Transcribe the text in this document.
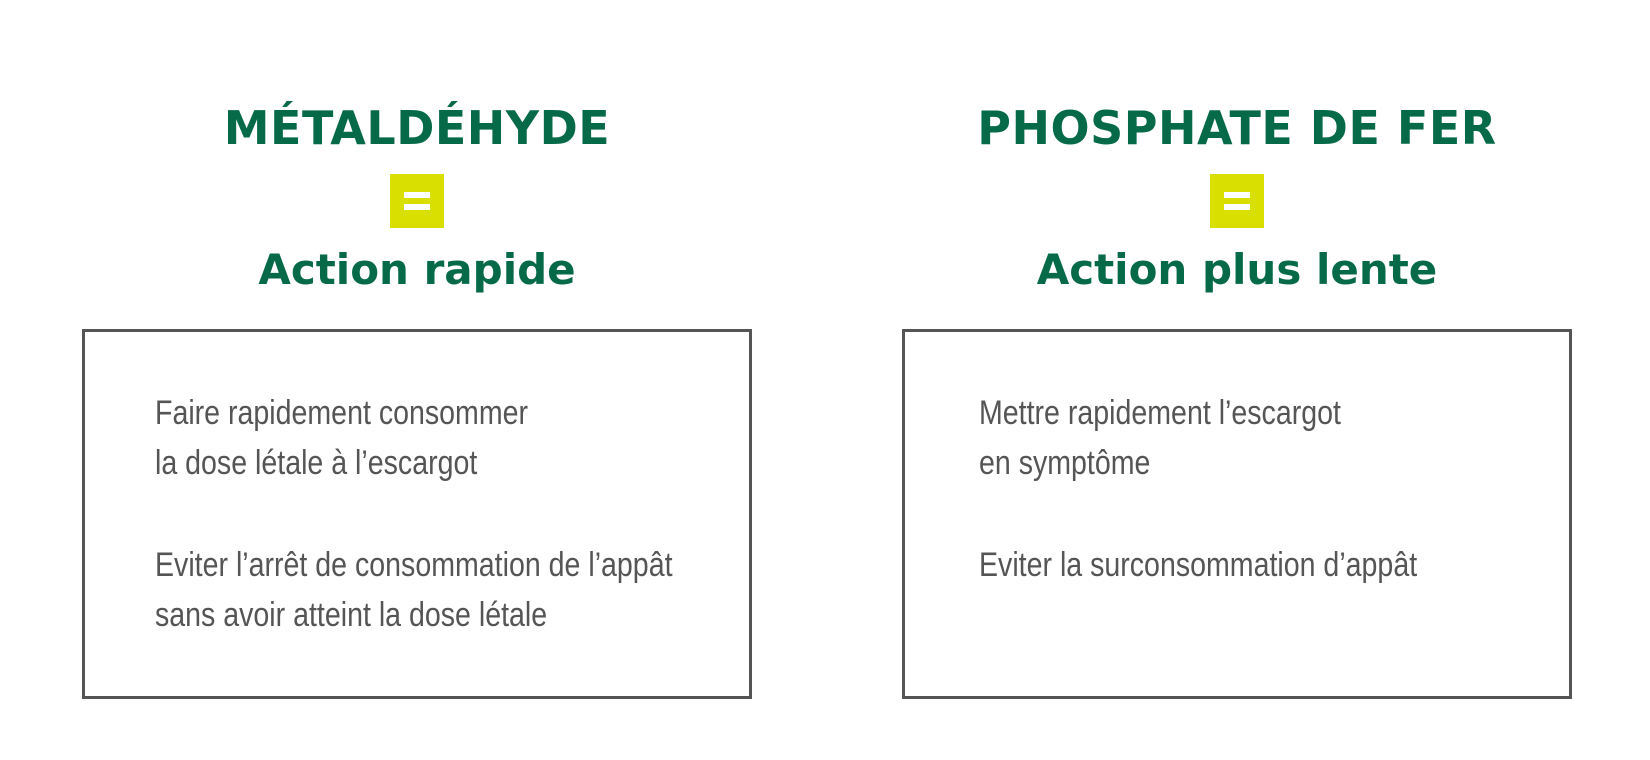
MÉTALDÉHYDE
Action rapide
Faire rapidement consommer
la dose létale à l’escargot
Eviter l’arrêt de consommation de l’appât
sans avoir atteint la dose létale
PHOSPHATE DE FER
Action plus lente
Mettre rapidement l’escargot
en symptôme
Eviter la surconsommation d’appât
